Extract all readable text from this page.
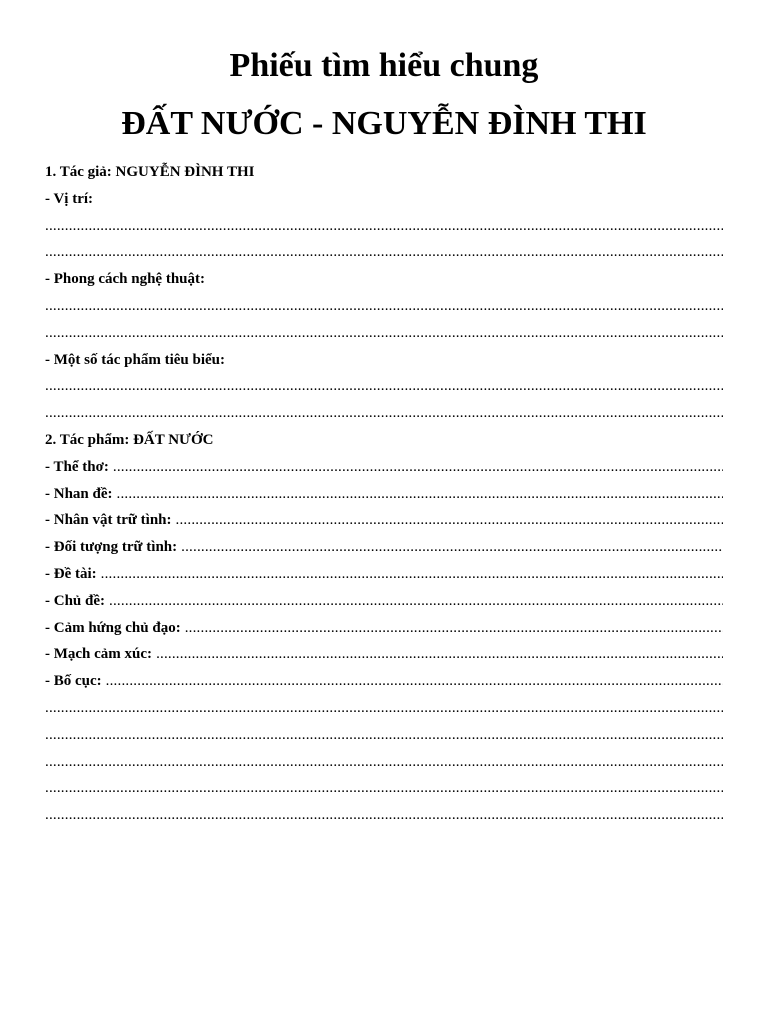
Phiếu tìm hiểu chung
ĐẤT NƯỚC - NGUYỄN ĐÌNH THI
1. Tác giả: NGUYỄN ĐÌNH THI
- Vị trí:
.....
.....
- Phong cách nghệ thuật:
.....
.....
- Một số tác phẩm tiêu biểu:
.....
.....
2. Tác phẩm: ĐẤT NƯỚC
- Thể thơ:
.....
- Nhan đề:
.....
- Nhân vật trữ tình:
.....
- Đối tượng trữ tình:
.....
- Đề tài:
.....
- Chủ đề:
.....
- Cảm hứng chủ đạo:
.....
- Mạch cảm xúc:
.....
- Bố cục:
.....
.....
.....
.....
.....
.....
